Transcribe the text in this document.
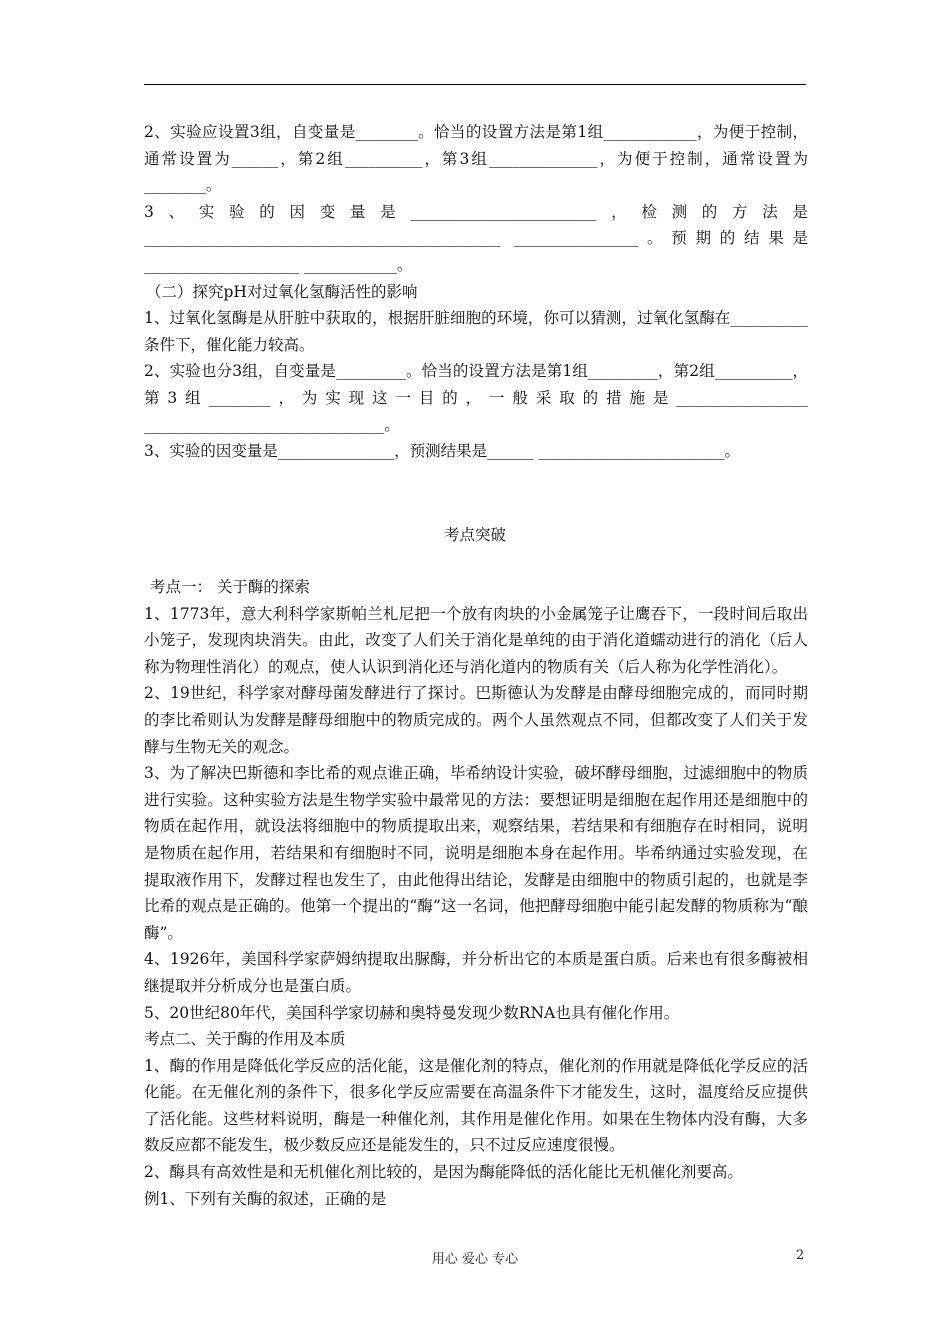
2、实验应设置3组，自变量是________。恰当的设置方法是第1组____________，为便于控制，通常设置为______，第2组__________，第3组______________，为便于控制，通常设置为________。

3、实验的因变量是________________________，检测的方法是______________________________________________ ________________。预期的结果是____________________ ____________。

（二）探究pH对过氧化氢酶活性的影响

1、过氧化氢酶是从肝脏中获取的，根据肝脏细胞的环境，你可以猜测，过氧化氢酶在__________条件下，催化能力较高。

2、实验也分3组，自变量是_________。恰当的设置方法是第1组_________，第2组__________，第3组________，为实现这一目的，一般采取的措施是_________________ _______________________________。

3、实验的因变量是_______________，预测结果是______ ________________________。

考点突破

考点一： 关于酶的探索

1、1773年，意大利科学家斯帕兰札尼把一个放有肉块的小金属笼子让鹰吞下，一段时间后取出小笼子，发现肉块消失。由此，改变了人们关于消化是单纯的由于消化道蠕动进行的消化（后人称为物理性消化）的观点，使人认识到消化还与消化道内的物质有关（后人称为化学性消化）。

2、19世纪，科学家对酵母菌发酵进行了探讨。巴斯德认为发酵是由酵母细胞完成的，而同时期的李比希则认为发酵是酵母细胞中的物质完成的。两个人虽然观点不同，但都改变了人们关于发酵与生物无关的观念。

3、为了解决巴斯德和李比希的观点谁正确，毕希纳设计实验，破坏酵母细胞，过滤细胞中的物质进行实验。这种实验方法是生物学实验中最常见的方法：要想证明是细胞在起作用还是细胞中的物质在起作用，就设法将细胞中的物质提取出来，观察结果，若结果和有细胞存在时相同，说明是物质在起作用，若结果和有细胞时不同，说明是细胞本身在起作用。毕希纳通过实验发现，在提取液作用下，发酵过程也发生了，由此他得出结论，发酵是由细胞中的物质引起的，也就是李比希的观点是正确的。他第一个提出的“酶”这一名词，他把酵母细胞中能引起发酵的物质称为“酿酶”。

4、1926年，美国科学家萨姆纳提取出脲酶，并分析出它的本质是蛋白质。后来也有很多酶被相继提取并分析成分也是蛋白质。

5、20世纪80年代，美国科学家切赫和奥特曼发现少数RNA也具有催化作用。

考点二、关于酶的作用及本质

1、酶的作用是降低化学反应的活化能，这是催化剂的特点，催化剂的作用就是降低化学反应的活化能。在无催化剂的条件下，很多化学反应需要在高温条件下才能发生，这时，温度给反应提供了活化能。这些材料说明，酶是一种催化剂，其作用是催化作用。如果在生物体内没有酶，大多数反应都不能发生，极少数反应还是能发生的，只不过反应速度很慢。

2、酶具有高效性是和无机催化剂比较的，是因为酶能降低的活化能比无机催化剂要高。

例1、下列有关酶的叙述，正确的是

用心 爱心 专心	2
